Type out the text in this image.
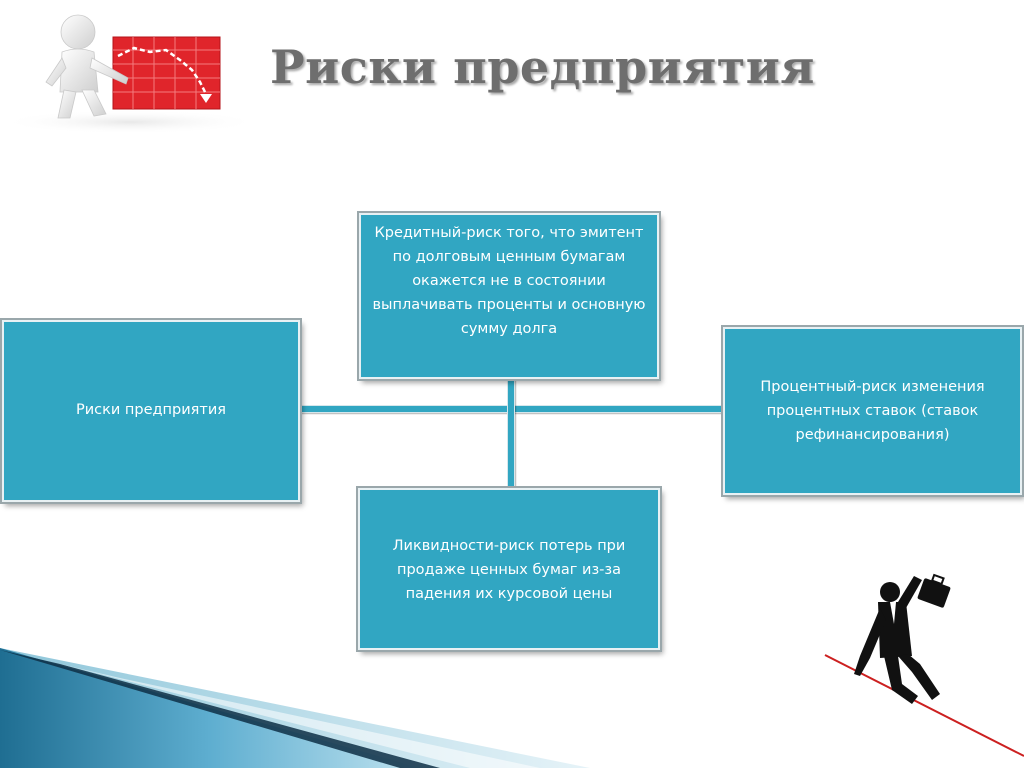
Риски предприятия
Риски предприятия
Кредитный-риск того, что эмитент по долговым ценным бумагам окажется не в состоянии выплачивать проценты и основную сумму долга
Ликвидности-риск потерь при продаже ценных бумаг из-за падения их курсовой цены
Процентный-риск изменения процентных ставок (ставок рефинансирования)
